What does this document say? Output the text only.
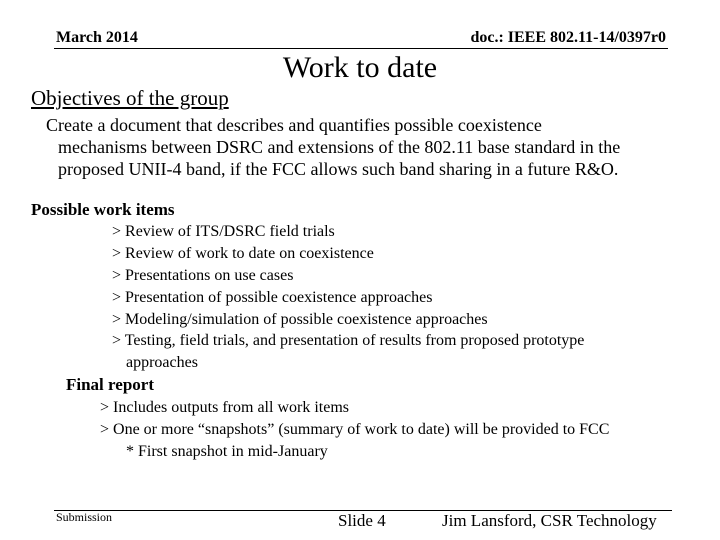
March 2014	doc.: IEEE 802.11-14/0397r0
Work to date
Objectives of the group
Create a document that describes and quantifies possible coexistence
mechanisms between DSRC and extensions of the 802.11 base standard in the
proposed UNII-4 band, if the FCC allows such band sharing in a future R&O.
Possible work items
> Review of ITS/DSRC field trials
> Review of work to date on coexistence
> Presentations on use cases
> Presentation of possible coexistence approaches
> Modeling/simulation of possible coexistence approaches
> Testing, field trials, and presentation of results from proposed prototype
approaches
Final report
> Includes outputs from all work items
> One or more “snapshots” (summary of work to date) will be provided to FCC
* First snapshot in mid-January
Submission	Slide 4	Jim Lansford, CSR Technology
